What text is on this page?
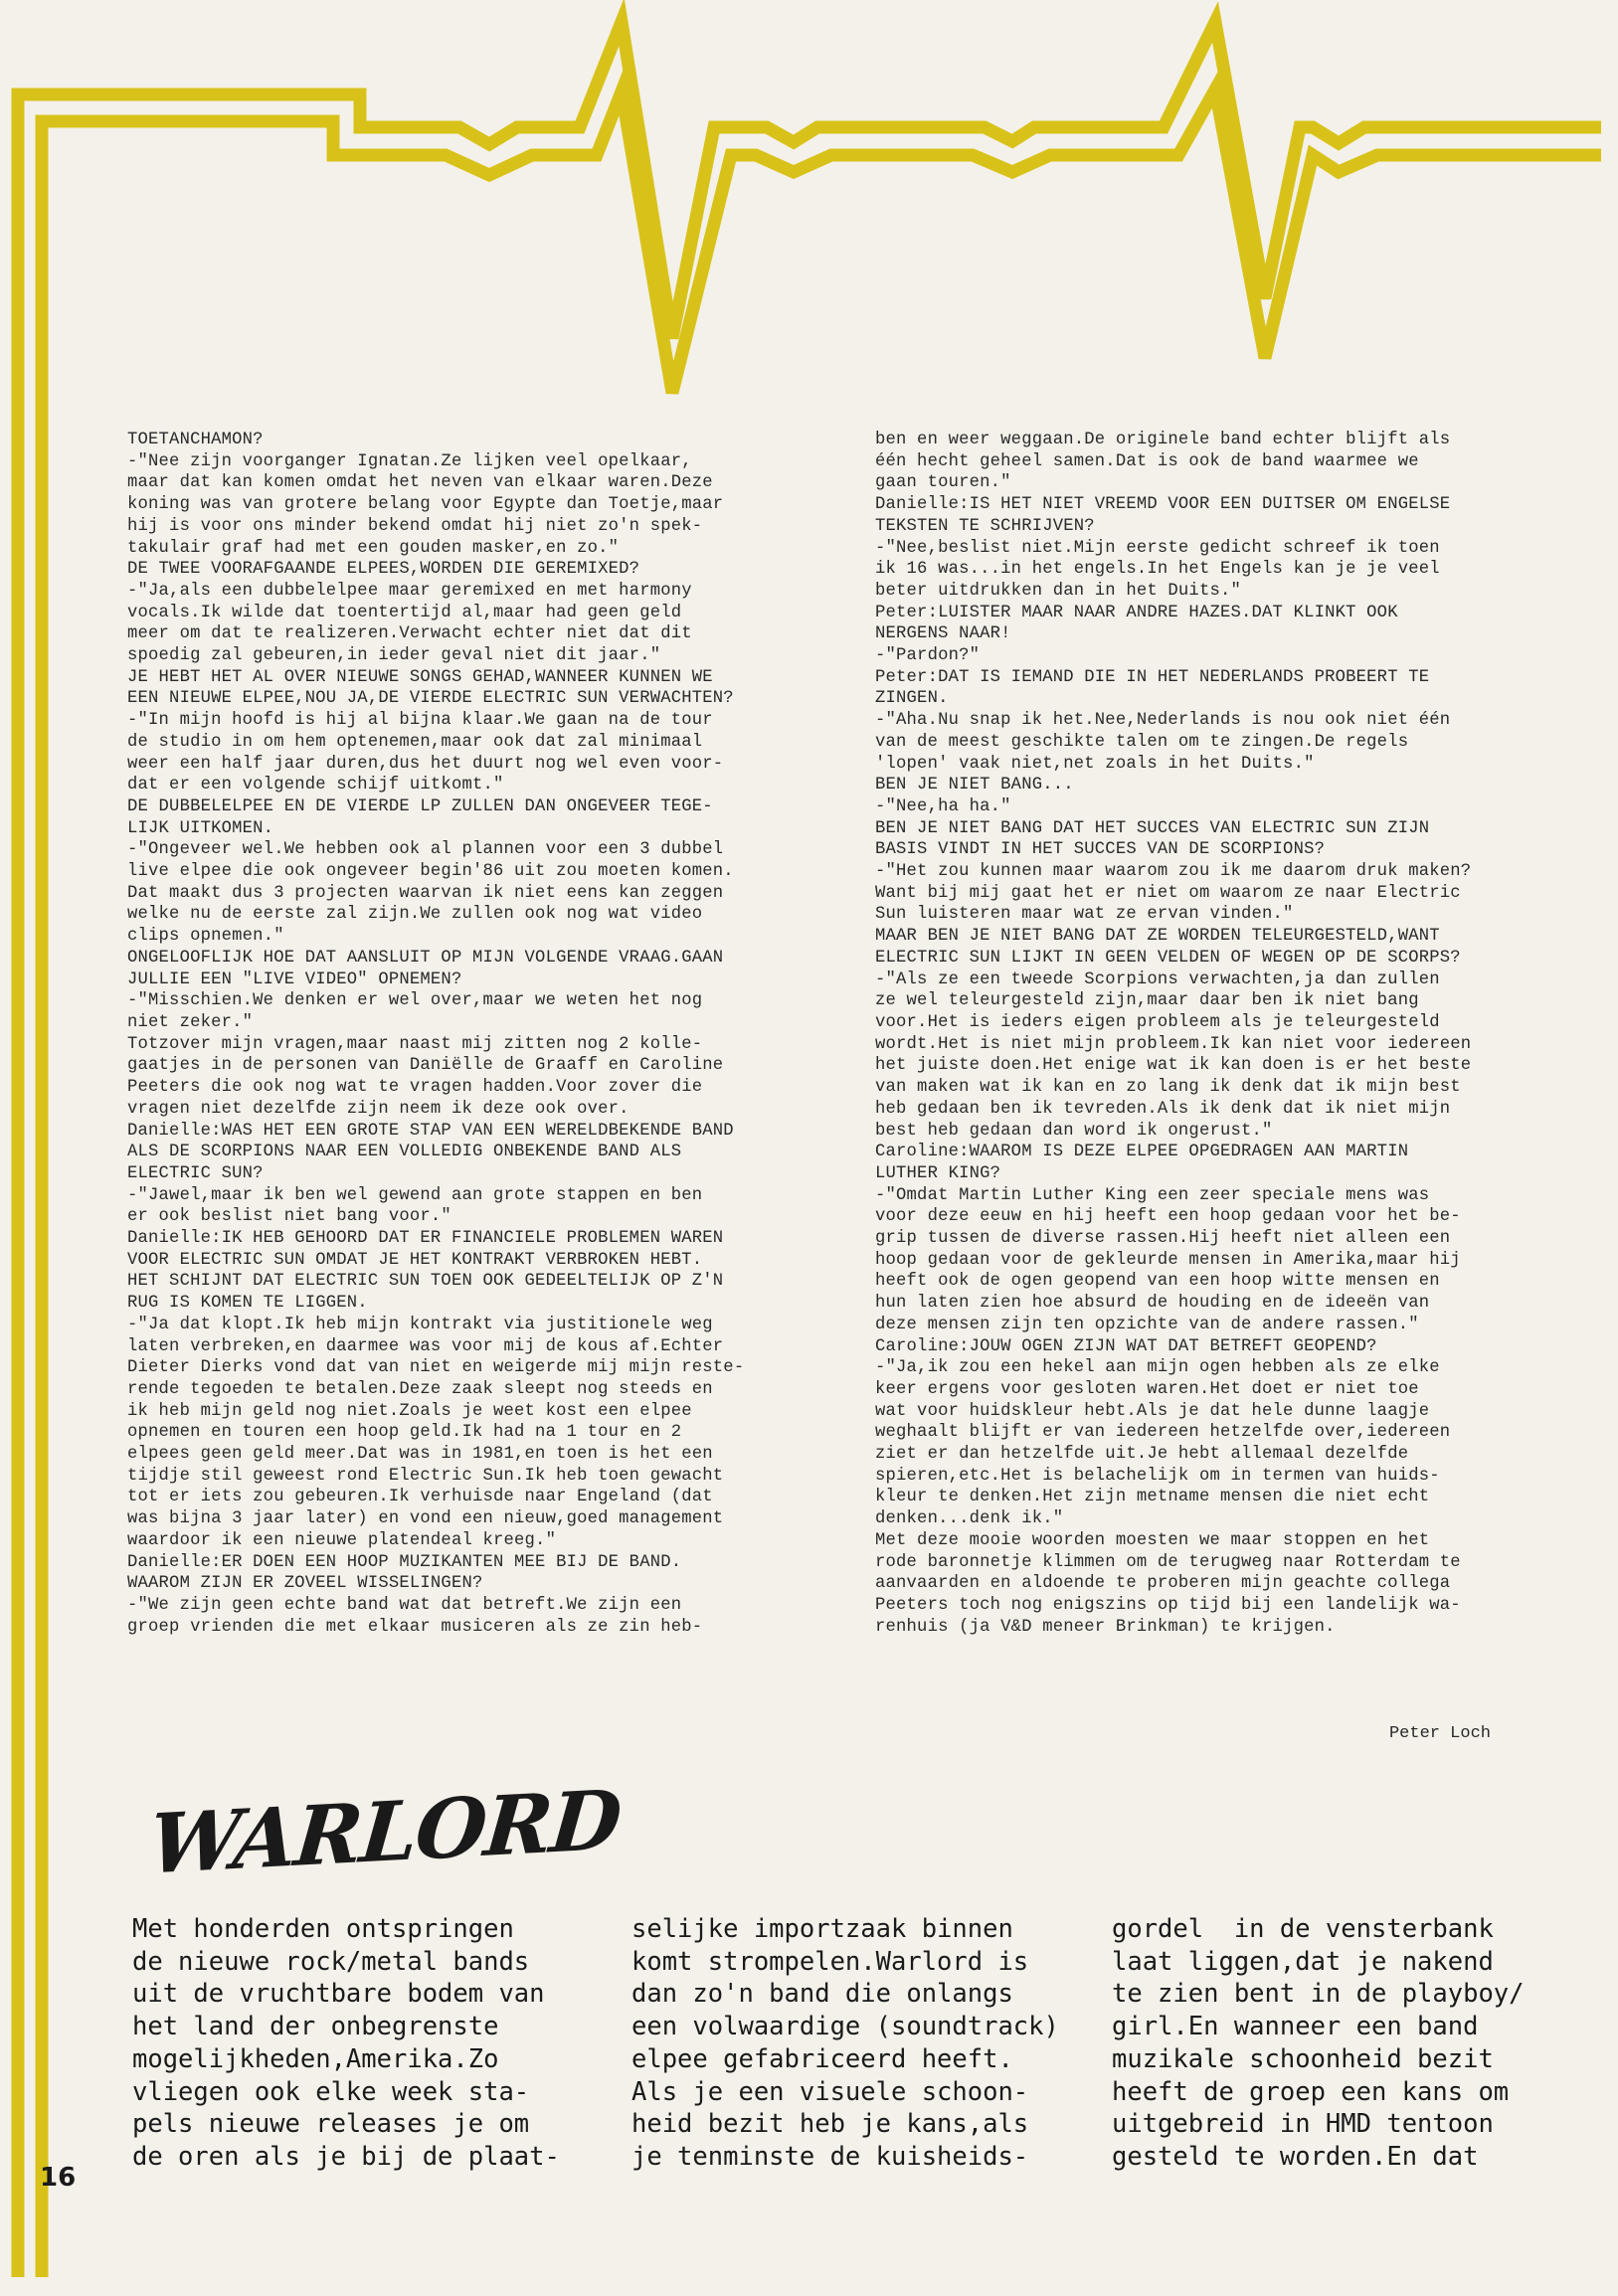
TOETANCHAMON?

-"Nee zijn voorganger Ignatan.Ze lijken veel opelkaar,

maar dat kan komen omdat het neven van elkaar waren.Deze

koning was van grotere belang voor Egypte dan Toetje,maar

hij is voor ons minder bekend omdat hij niet zo'n spek-

takulair graf had met een gouden masker,en zo."

DE TWEE VOORAFGAANDE ELPEES,WORDEN DIE GEREMIXED?

-"Ja,als een dubbelelpee maar geremixed en met harmony

vocals.Ik wilde dat toentertijd al,maar had geen geld

meer om dat te realizeren.Verwacht echter niet dat dit

spoedig zal gebeuren,in ieder geval niet dit jaar."

JE HEBT HET AL OVER NIEUWE SONGS GEHAD,WANNEER KUNNEN WE

EEN NIEUWE ELPEE,NOU JA,DE VIERDE ELECTRIC SUN VERWACHTEN?

-"In mijn hoofd is hij al bijna klaar.We gaan na de tour

de studio in om hem optenemen,maar ook dat zal minimaal

weer een half jaar duren,dus het duurt nog wel even voor-

dat er een volgende schijf uitkomt."

DE DUBBELELPEE EN DE VIERDE LP ZULLEN DAN ONGEVEER TEGE-

LIJK UITKOMEN.

-"Ongeveer wel.We hebben ook al plannen voor een 3 dubbel

live elpee die ook ongeveer begin'86 uit zou moeten komen.

Dat maakt dus 3 projecten waarvan ik niet eens kan zeggen

welke nu de eerste zal zijn.We zullen ook nog wat video

clips opnemen."

ONGELOOFLIJK HOE DAT AANSLUIT OP MIJN VOLGENDE VRAAG.GAAN

JULLIE EEN "LIVE VIDEO" OPNEMEN?

-"Misschien.We denken er wel over,maar we weten het nog

niet zeker."

Totzover mijn vragen,maar naast mij zitten nog 2 kolle-

gaatjes in de personen van Daniëlle de Graaff en Caroline

Peeters die ook nog wat te vragen hadden.Voor zover die

vragen niet dezelfde zijn neem ik deze ook over.

Danielle:WAS HET EEN GROTE STAP VAN EEN WERELDBEKENDE BAND

ALS DE SCORPIONS NAAR EEN VOLLEDIG ONBEKENDE BAND ALS

ELECTRIC SUN?

-"Jawel,maar ik ben wel gewend aan grote stappen en ben

er ook beslist niet bang voor."

Danielle:IK HEB GEHOORD DAT ER FINANCIELE PROBLEMEN WAREN

VOOR ELECTRIC SUN OMDAT JE HET KONTRAKT VERBROKEN HEBT.

HET SCHIJNT DAT ELECTRIC SUN TOEN OOK GEDEELTELIJK OP Z'N

RUG IS KOMEN TE LIGGEN.

-"Ja dat klopt.Ik heb mijn kontrakt via justitionele weg

laten verbreken,en daarmee was voor mij de kous af.Echter

Dieter Dierks vond dat van niet en weigerde mij mijn reste-

rende tegoeden te betalen.Deze zaak sleept nog steeds en

ik heb mijn geld nog niet.Zoals je weet kost een elpee

opnemen en touren een hoop geld.Ik had na 1 tour en 2

elpees geen geld meer.Dat was in 1981,en toen is het een

tijdje stil geweest rond Electric Sun.Ik heb toen gewacht

tot er iets zou gebeuren.Ik verhuisde naar Engeland (dat

was bijna 3 jaar later) en vond een nieuw,goed management

waardoor ik een nieuwe platendeal kreeg."

Danielle:ER DOEN EEN HOOP MUZIKANTEN MEE BIJ DE BAND.

WAAROM ZIJN ER ZOVEEL WISSELINGEN?

-"We zijn geen echte band wat dat betreft.We zijn een

groep vrienden die met elkaar musiceren als ze zin heb-

ben en weer weggaan.De originele band echter blijft als

één hecht geheel samen.Dat is ook de band waarmee we

gaan touren."

Danielle:IS HET NIET VREEMD VOOR EEN DUITSER OM ENGELSE

TEKSTEN TE SCHRIJVEN?

-"Nee,beslist niet.Mijn eerste gedicht schreef ik toen

ik 16 was...in het engels.In het Engels kan je je veel

beter uitdrukken dan in het Duits."

Peter:LUISTER MAAR NAAR ANDRE HAZES.DAT KLINKT OOK

NERGENS NAAR!

-"Pardon?"

Peter:DAT IS IEMAND DIE IN HET NEDERLANDS PROBEERT TE

ZINGEN.

-"Aha.Nu snap ik het.Nee,Nederlands is nou ook niet één

van de meest geschikte talen om te zingen.De regels

'lopen' vaak niet,net zoals in het Duits."

BEN JE NIET BANG...

-"Nee,ha ha."

BEN JE NIET BANG DAT HET SUCCES VAN ELECTRIC SUN ZIJN

BASIS VINDT IN HET SUCCES VAN DE SCORPIONS?

-"Het zou kunnen maar waarom zou ik me daarom druk maken?

Want bij mij gaat het er niet om waarom ze naar Electric

Sun luisteren maar wat ze ervan vinden."

MAAR BEN JE NIET BANG DAT ZE WORDEN TELEURGESTELD,WANT

ELECTRIC SUN LIJKT IN GEEN VELDEN OF WEGEN OP DE SCORPS?

-"Als ze een tweede Scorpions verwachten,ja dan zullen

ze wel teleurgesteld zijn,maar daar ben ik niet bang

voor.Het is ieders eigen probleem als je teleurgesteld

wordt.Het is niet mijn probleem.Ik kan niet voor iedereen

het juiste doen.Het enige wat ik kan doen is er het beste

van maken wat ik kan en zo lang ik denk dat ik mijn best

heb gedaan ben ik tevreden.Als ik denk dat ik niet mijn

best heb gedaan dan word ik ongerust."

Caroline:WAAROM IS DEZE ELPEE OPGEDRAGEN AAN MARTIN

LUTHER KING?

-"Omdat Martin Luther King een zeer speciale mens was

voor deze eeuw en hij heeft een hoop gedaan voor het be-

grip tussen de diverse rassen.Hij heeft niet alleen een

hoop gedaan voor de gekleurde mensen in Amerika,maar hij

heeft ook de ogen geopend van een hoop witte mensen en

hun laten zien hoe absurd de houding en de ideeën van

deze mensen zijn ten opzichte van de andere rassen."

Caroline:JOUW OGEN ZIJN WAT DAT BETREFT GEOPEND?

-"Ja,ik zou een hekel aan mijn ogen hebben als ze elke

keer ergens voor gesloten waren.Het doet er niet toe

wat voor huidskleur hebt.Als je dat hele dunne laagje

weghaalt blijft er van iedereen hetzelfde over,iedereen

ziet er dan hetzelfde uit.Je hebt allemaal dezelfde

spieren,etc.Het is belachelijk om in termen van huids-

kleur te denken.Het zijn metname mensen die niet echt

denken...denk ik."

Met deze mooie woorden moesten we maar stoppen en het

rode baronnetje klimmen om de terugweg naar Rotterdam te

aanvaarden en aldoende te proberen mijn geachte collega

Peeters toch nog enigszins op tijd bij een landelijk wa-

renhuis (ja V&D meneer Brinkman) te krijgen.

Peter Loch
WARLORD

Met honderden ontspringen

de nieuwe rock/metal bands

uit de vruchtbare bodem van

het land der onbegrenste

mogelijkheden,Amerika.Zo

vliegen ook elke week sta-

pels nieuwe releases je om

de oren als je bij de plaat-

selijke importzaak binnen

komt strompelen.Warlord is

dan zo'n band die onlangs

een volwaardige (soundtrack)

elpee gefabriceerd heeft.

Als je een visuele schoon-

heid bezit heb je kans,als

je tenminste de kuisheids-

gordel  in de vensterbank

laat liggen,dat je nakend

te zien bent in de playboy/

girl.En wanneer een band

muzikale schoonheid bezit

heeft de groep een kans om

uitgebreid in HMD tentoon

gesteld te worden.En dat

16
